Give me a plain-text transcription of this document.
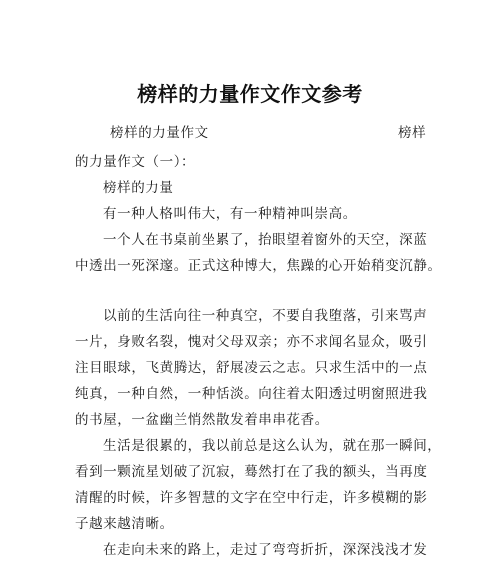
榜样的力量作文作文参考
榜样的力量作文	榜样
的力量作文（一）：
榜样的力量
有一种人格叫伟大，有一种精神叫崇高。
一个人在书桌前坐累了，抬眼望着窗外的天空，深蓝
中透出一死深邃。正式这种博大，焦躁的心开始稍变沉静。
以前的生活向往一种真空，不要自我堕落，引来骂声
一片，身败名裂，愧对父母双亲；亦不求闻名显众，吸引
注目眼球，飞黄腾达，舒展凌云之志。只求生活中的一点
纯真，一种自然，一种恬淡。向往着太阳透过明窗照进我
的书屋，一盆幽兰悄然散发着串串花香。
生活是很累的，我以前总是这么认为，就在那一瞬间，
看到一颗流星划破了沉寂，蓦然打在了我的额头，当再度
清醒的时候，许多智慧的文字在空中行走，许多模糊的影
子越来越清晰。
在走向未来的路上，走过了弯弯折折，深深浅浅才发
